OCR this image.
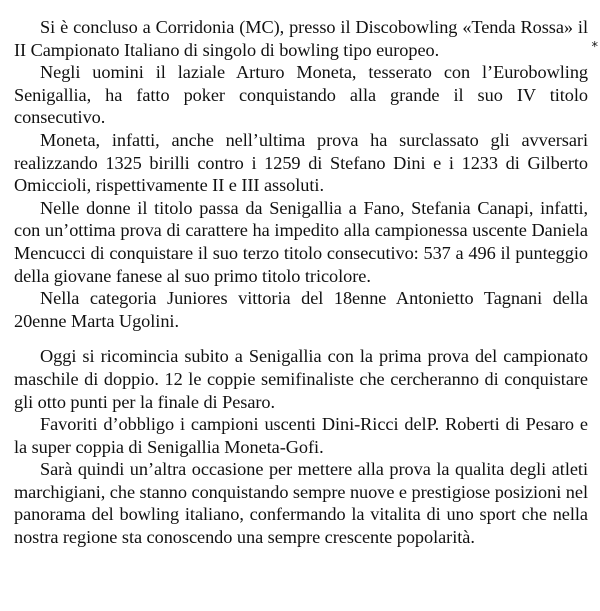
Si è concluso a Corridonia (MC), presso il Discobowling «Tenda Rossa» il II Campionato Italiano di singolo di bowling tipo europeo.

Negli uomini il laziale Arturo Moneta, tesserato con l’Eurobowling Senigallia, ha fatto poker conquistando alla grande il suo IV titolo consecutivo.

Moneta, infatti, anche nell’ultima prova ha surclassato gli avversari realizzando 1325 birilli contro i 1259 di Stefano Dini e i 1233 di Gilberto Omiccioli, rispettivamente II e III assoluti.

Nelle donne il titolo passa da Senigallia a Fano, Stefania Canapi, infatti, con un’ottima prova di carattere ha impedito alla campionessa uscente Daniela Mencucci di conquistare il suo terzo titolo consecutivo: 537 a 496 il punteggio della giovane fanese al suo primo titolo tricolore.

Nella categoria Juniores vittoria del 18enne Antonietto Tagnani della 20enne Marta Ugolini.

Oggi si ricomincia subito a Senigallia con la prima prova del campionato maschile di doppio. 12 le coppie semifinaliste che cercheranno di conquistare gli otto punti per la finale di Pesaro.

Favoriti d’obbligo i campioni uscenti Dini-Ricci delP. Roberti di Pesaro e la super coppia di Senigallia Moneta-Gofi.

Sarà quindi un’altra occasione per mettere alla prova la qualita degli atleti marchigiani, che stanno conquistando sempre nuove e prestigiose posizioni nel panorama del bowling italiano, confermando la vitalita di uno sport che nella nostra regione sta conoscendo una sempre crescente popolarità.

*
